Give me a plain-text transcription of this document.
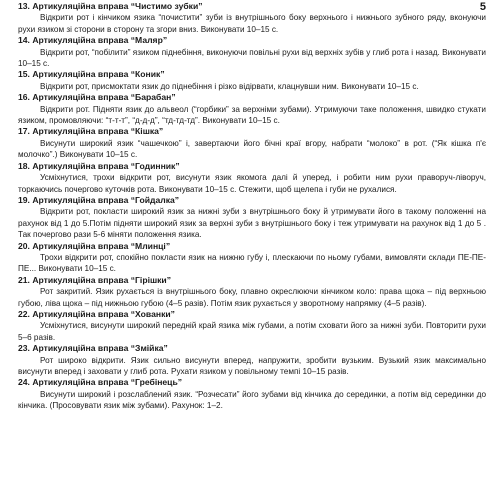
5

13. Артикуляційна вправа “Чистимо зубки”

Відкрити рот і кінчиком язика “почистити” зуби із внутрішнього боку верхнього і нижнього зубного ряду, вконуючи рухи язиком зі сторони в сторону та згори вниз. Виконувати 10–15 с.

14. Артикуляційна вправа “Маляр”

Відкрити рот, “побілити” язиком піднебіння, виконуючи повільні рухи від верхніх зубів у глиб рота і назад. Виконувати 10–15 с.

15. Артикуляційна вправа “Коник”

Відкрити рот, присмоктати язик до піднебіння і різко відірвати, клацнувши ним. Виконувати 10–15 с.

16. Артикуляційна вправа “Барабан”

Відкрити рот. Підняти язик до альвеол (“горбики” за верхніми зубами). Утримуючи таке положення, швидко стукати язиком, промовляючи: “т-т-т”, “д-д-д”, “тд-тд-тд”. Виконувати 10–15 с.

17. Артикуляційна вправа “Кішка”

Висунути широкий язик “чашечкою” і, завертаючи його бічні краї вгору, набрати “молоко” в рот. (“Як кішка п'є молочко”.) Виконувати 10–15 с.

18. Артикуляційна вправа “Годинник”

Усміхнутися, трохи відкрити рот, висунути язик якомога далі й уперед, і робити ним рухи праворуч-ліворуч, торкаючись почергово куточків рота. Виконувати 10–15 с. Стежити, щоб щелепа і губи не рухалися.

19. Артикуляційна вправа “Гойдалка”

Відкрити рот, покласти широкий язик за нижні зуби з внутрішнього боку й утримувати його в такому положенні на рахунок від 1 до 5.Потім підняти широкий язик за верхні зуби з внутрішнього боку і теж утримувати на рахунок від 1 до 5 . Так почергово рази 5-6 міняти положення язика.

20. Артикуляційна вправа “Млинці”

Трохи відкрити рот, спокійно покласти язик на нижню губу і, плескаючи по ньому губами, вимовляти склади ПЕ-ПЕ-ПЕ... Виконувати 10–15 с.

21. Артикуляційна вправа “Гірішки”

Рот закритий. Язик рухається із внутрішнього боку, плавно окреслюючи кінчиком коло: права щока – під верхньою губою, ліва щока – під нижньою губою (4–5 разів). Потім язик рухається у зворотному напрямку (4–5 разів).

22. Артикуляційна вправа “Хованки”

Усміхнутися, висунути широкий передній край язика між губами, а потім сховати його за нижні зуби. Повторити рухи 5–6 разів.

23. Артикуляційна вправа “Змійка”

Рот широко відкрити. Язик сильно висунути вперед, напружити, зробити вузьким. Вузький язик максимально висунути вперед і заховати у глиб рота. Рухати язиком у повільному темпі 10–15 разів.

24. Артикуляційна вправа “Гребінець”

Висунути широкий і розслаблений язик. “Розчесати” його зубами від кінчика до серединки, а потім від серединки до кінчика. (Просовувати язик між зубами). Рахунок: 1–2.
